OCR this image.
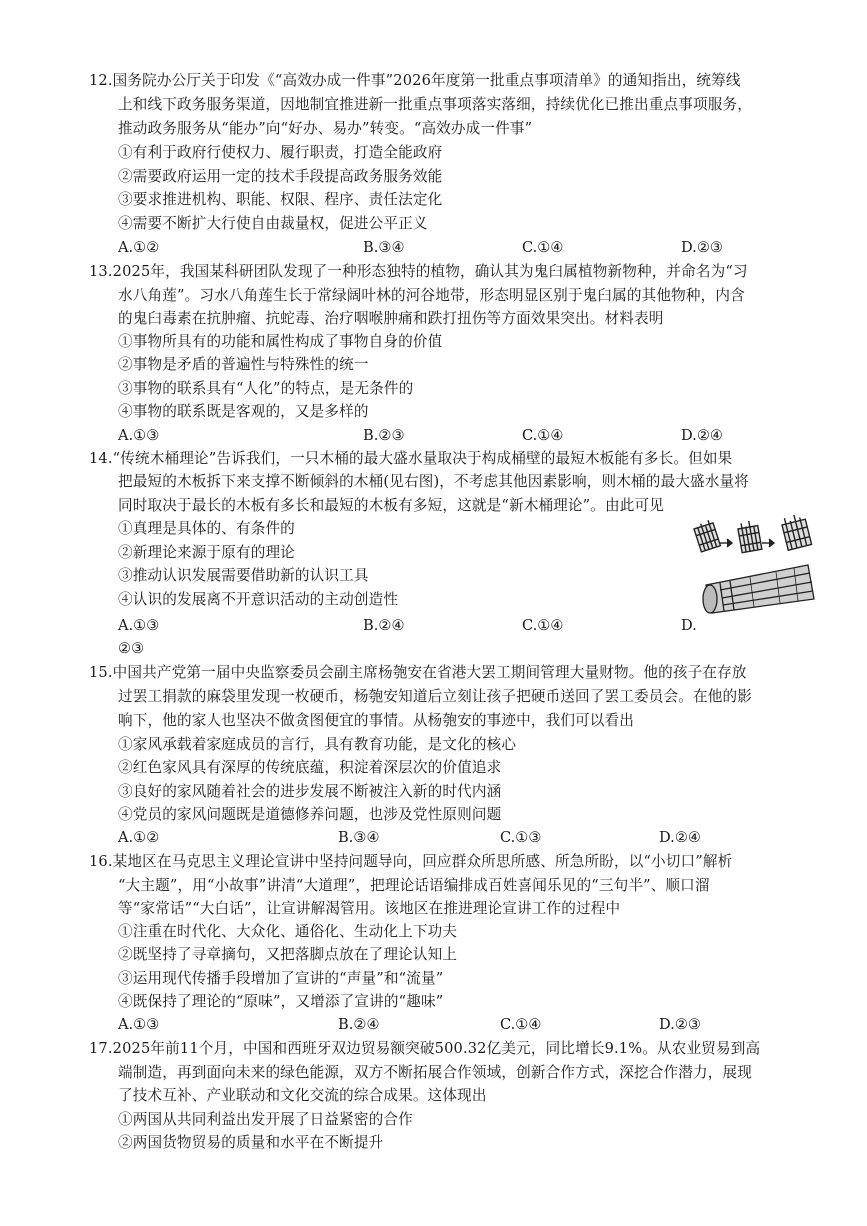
12.国务院办公厅关于印发《“高效办成一件事”2026年度第一批重点事项清单》的通知指出，统筹线
上和线下政务服务渠道，因地制宜推进新一批重点事项落实落细，持续优化已推出重点事项服务，
推动政务服务从“能办”向“好办、易办”转变。“高效办成一件事”
①有利于政府行使权力、履行职责，打造全能政府
②需要政府运用一定的技术手段提高政务服务效能
③要求推进机构、职能、权限、程序、责任法定化
④需要不断扩大行使自由裁量权，促进公平正义
A.①②	B.③④	C.①④	D.②③
13.2025年，我国某科研团队发现了一种形态独特的植物，确认其为鬼臼属植物新物种，并命名为“习
水八角莲”。习水八角莲生长于常绿阔叶林的河谷地带，形态明显区别于鬼臼属的其他物种，内含
的鬼臼毒素在抗肿瘤、抗蛇毒、治疗咽喉肿痛和跌打扭伤等方面效果突出。材料表明
①事物所具有的功能和属性构成了事物自身的价值
②事物是矛盾的普遍性与特殊性的统一
③事物的联系具有“人化”的特点，是无条件的
④事物的联系既是客观的，又是多样的
A.①③	B.②③	C.①④	D.②④
14.“传统木桶理论”告诉我们，一只木桶的最大盛水量取决于构成桶壁的最短木板能有多长。但如果
把最短的木板拆下来支撑不断倾斜的木桶(见右图)，不考虑其他因素影响，则木桶的最大盛水量将
同时取决于最长的木板有多长和最短的木板有多短，这就是“新木桶理论”。由此可见
①真理是具体的、有条件的
②新理论来源于原有的理论
③推动认识发展需要借助新的认识工具
④认识的发展离不开意识活动的主动创造性
A.①③	B.②④	C.①④	D.
②③
15.中国共产党第一届中央监察委员会副主席杨匏安在省港大罢工期间管理大量财物。他的孩子在存放
过罢工捐款的麻袋里发现一枚硬币，杨匏安知道后立刻让孩子把硬币送回了罢工委员会。在他的影
响下，他的家人也坚决不做贪图便宜的事情。从杨匏安的事迹中，我们可以看出
①家风承载着家庭成员的言行，具有教育功能，是文化的核心
②红色家风具有深厚的传统底蕴，积淀着深层次的价值追求
③良好的家风随着社会的进步发展不断被注入新的时代内涵
④党员的家风问题既是道德修养问题，也涉及党性原则问题
A.①②	B.③④	C.①③	D.②④
16.某地区在马克思主义理论宣讲中坚持问题导向，回应群众所思所感、所急所盼，以“小切口”解析
“大主题”，用“小故事”讲清“大道理”，把理论话语编排成百姓喜闻乐见的“三句半”、顺口溜
等“家常话”“大白话”，让宣讲解渴管用。该地区在推进理论宣讲工作的过程中
①注重在时代化、大众化、通俗化、生动化上下功夫
②既坚持了寻章摘句，又把落脚点放在了理论认知上
③运用现代传播手段增加了宣讲的“声量”和“流量”
④既保持了理论的“原味”，又增添了宣讲的“趣味”
A.①③	B.②④	C.①④	D.②③
17.2025年前11个月，中国和西班牙双边贸易额突破500.32亿美元，同比增长9.1%。从农业贸易到高
端制造，再到面向未来的绿色能源，双方不断拓展合作领域，创新合作方式，深挖合作潜力，展现
了技术互补、产业联动和文化交流的综合成果。这体现出
①两国从共同利益出发开展了日益紧密的合作
②两国货物贸易的质量和水平在不断提升
